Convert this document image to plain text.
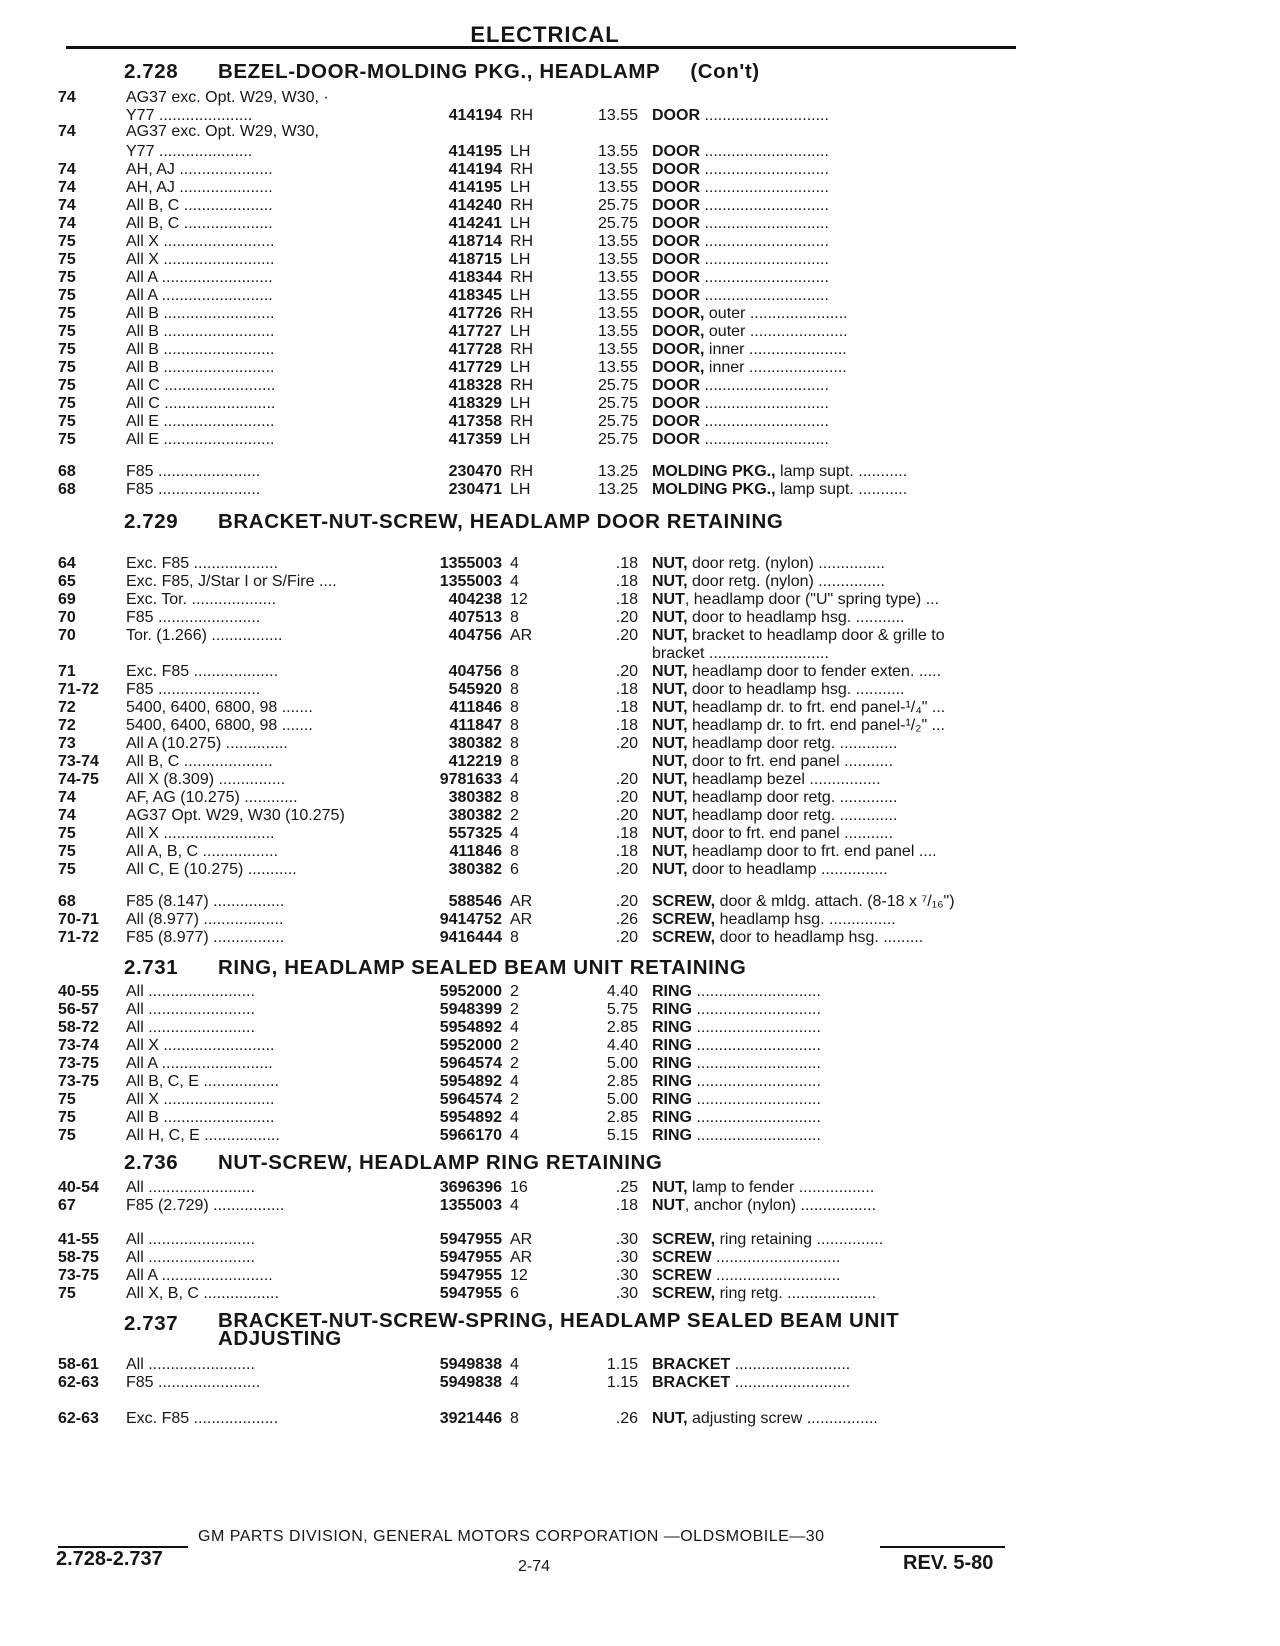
ELECTRICAL
2.728 BEZEL-DOOR-MOLDING PKG., HEADLAMP (Con't)
74	AG37 exc. Opt. W29, W30, ·
Y77 .....................	414194 RH	13.55 DOOR ............................
74	AG37 exc. Opt. W29, W30,
Y77 .....................	414195 LH	13.55 DOOR ............................
74	AH, AJ .....................	414194 RH	13.55 DOOR ............................
74	AH, AJ .....................	414195 LH	13.55 DOOR ............................
74	All B, C ....................	414240 RH	25.75 DOOR ............................
74	All B, C ....................	414241 LH	25.75 DOOR ............................
75	All X .........................	418714 RH	13.55 DOOR ............................
75	All X .........................	418715 LH	13.55 DOOR ............................
75	All A .........................	418344 RH	13.55 DOOR ............................
75	All A .........................	418345 LH	13.55 DOOR ............................
75	All B .........................	417726 RH	13.55 DOOR, outer ......................
75	All B .........................	417727 LH	13.55 DOOR, outer ......................
75	All B .........................	417728 RH	13.55 DOOR, inner ......................
75	All B .........................	417729 LH	13.55 DOOR, inner ......................
75	All C .........................	418328 RH	25.75 DOOR ............................
75	All C .........................	418329 LH	25.75 DOOR ............................
75	All E .........................	417358 RH	25.75 DOOR ............................
75	All E .........................	417359 LH	25.75 DOOR ............................
68	F85 .......................	230470 RH	13.25 MOLDING PKG., lamp supt. ...........
68	F85 .......................	230471 LH	13.25 MOLDING PKG., lamp supt. ...........
2.729 BRACKET-NUT-SCREW, HEADLAMP DOOR RETAINING
64	Exc. F85 ...................	1355003 4	.18 NUT, door retg. (nylon) ...............
65	Exc. F85, J/Star I or S/Fire ....	1355003 4	.18 NUT, door retg. (nylon) ...............
69	Exc. Tor. ...................	404238 12	.18 NUT, headlamp door ("U" spring type) ...
70	F85 .......................	407513 8	.20 NUT, door to headlamp hsg. ...........
70	Tor. (1.266) ................	404756 AR	.20 NUT, bracket to headlamp door & grille to
bracket ...........................
71	Exc. F85 ...................	404756 8	.20 NUT, headlamp door to fender exten. .....
71-72	F85 .......................	545920 8	.18 NUT, door to headlamp hsg. ...........
72	5400, 6400, 6800, 98 .......	411846 8	.18 NUT, headlamp dr. to frt. end panel-¹/₄" ...
72	5400, 6400, 6800, 98 .......	411847 8	.18 NUT, headlamp dr. to frt. end panel-¹/₂" ...
73	All A (10.275) ..............	380382 8	.20 NUT, headlamp door retg. .............
73-74	All B, C ....................	412219 8	NUT, door to frt. end panel ...........
74-75	All X (8.309) ...............	9781633 4	.20 NUT, headlamp bezel ................
74	AF, AG (10.275) ............	380382 8	.20 NUT, headlamp door retg. .............
74	AG37 Opt. W29, W30 (10.275)	380382 2	.20 NUT, headlamp door retg. .............
75	All X .........................	557325 4	.18 NUT, door to frt. end panel ...........
75	All A, B, C .................	411846 8	.18 NUT, headlamp door to frt. end panel ....
75	All C, E (10.275) ...........	380382 6	.20 NUT, door to headlamp ...............
68	F85 (8.147) ................	588546 AR	.20 SCREW, door & mldg. attach. (8-18 x ⁷/₁₆")
70-71	All (8.977) ..................	9414752 AR	.26 SCREW, headlamp hsg. ...............
71-72	F85 (8.977) ................	9416444 8	.20 SCREW, door to headlamp hsg. .........
2.731 RING, HEADLAMP SEALED BEAM UNIT RETAINING
40-55	All ........................	5952000 2	4.40 RING ............................
56-57	All ........................	5948399 2	5.75 RING ............................
58-72	All ........................	5954892 4	2.85 RING ............................
73-74	All X .........................	5952000 2	4.40 RING ............................
73-75	All A .........................	5964574 2	5.00 RING ............................
73-75	All B, C, E .................	5954892 4	2.85 RING ............................
75	All X .........................	5964574 2	5.00 RING ............................
75	All B .........................	5954892 4	2.85 RING ............................
75	All H, C, E .................	5966170 4	5.15 RING ............................
2.736 NUT-SCREW, HEADLAMP RING RETAINING
40-54	All ........................	3696396 16	.25 NUT, lamp to fender .................
67	F85 (2.729) ................	1355003 4	.18 NUT, anchor (nylon) .................
41-55	All ........................	5947955 AR	.30 SCREW, ring retaining ...............
58-75	All ........................	5947955 AR	.30 SCREW ............................
73-75	All A .........................	5947955 12	.30 SCREW ............................
75	All X, B, C .................	5947955 6	.30 SCREW, ring retg. ....................
2.737 BRACKET-NUT-SCREW-SPRING, HEADLAMP SEALED BEAM UNIT
ADJUSTING
58-61	All ........................	5949838 4	1.15 BRACKET ..........................
62-63	F85 .......................	5949838 4	1.15 BRACKET ..........................
62-63	Exc. F85 ...................	3921446 8	.26 NUT, adjusting screw ................
GM PARTS DIVISION, GENERAL MOTORS CORPORATION —OLDSMOBILE—30
2.728-2.737	2-74	REV. 5-80
